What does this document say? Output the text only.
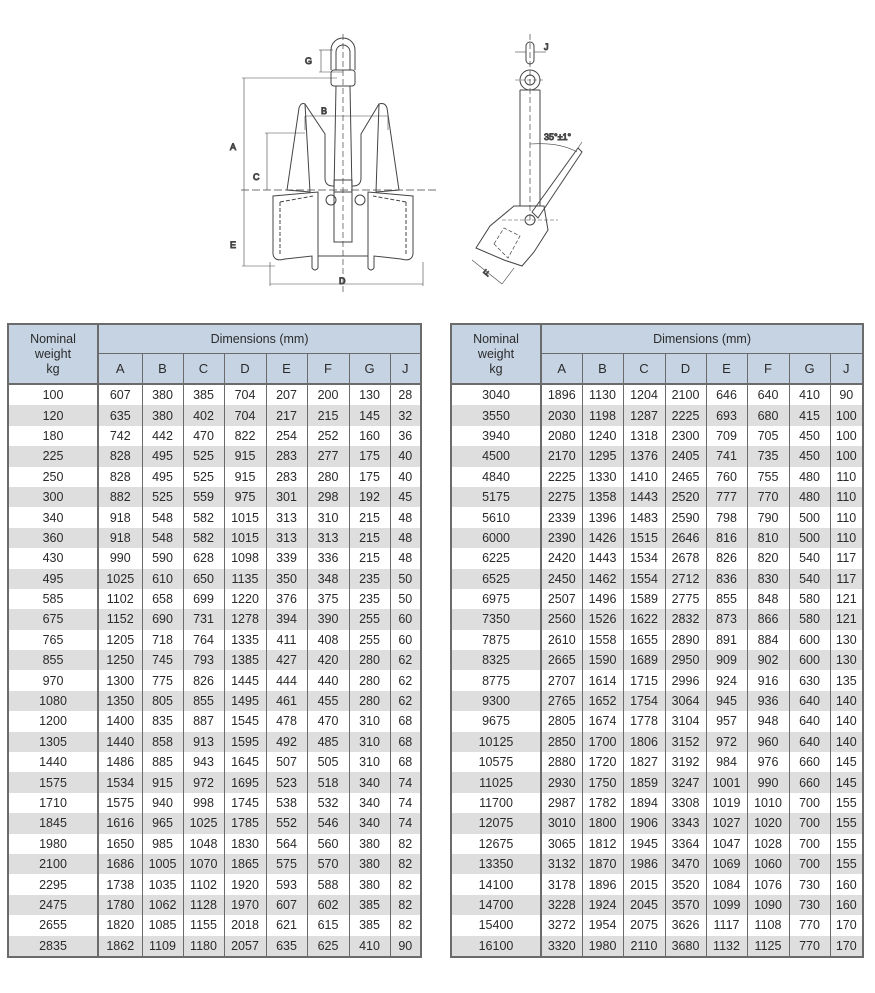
G
A
B
C
E
D
J
F
35°±1°
Nominal
weight
kg	Dimensions (mm)							
	A	B	C	D	E	F	G	J
100	607	380	385	704	207	200	130	28
120	635	380	402	704	217	215	145	32
180	742	442	470	822	254	252	160	36
225	828	495	525	915	283	277	175	40
250	828	495	525	915	283	280	175	40
300	882	525	559	975	301	298	192	45
340	918	548	582	1015	313	310	215	48
360	918	548	582	1015	313	313	215	48
430	990	590	628	1098	339	336	215	48
495	1025	610	650	1135	350	348	235	50
585	1102	658	699	1220	376	375	235	50
675	1152	690	731	1278	394	390	255	60
765	1205	718	764	1335	411	408	255	60
855	1250	745	793	1385	427	420	280	62
970	1300	775	826	1445	444	440	280	62
1080	1350	805	855	1495	461	455	280	62
1200	1400	835	887	1545	478	470	310	68
1305	1440	858	913	1595	492	485	310	68
1440	1486	885	943	1645	507	505	310	68
1575	1534	915	972	1695	523	518	340	74
1710	1575	940	998	1745	538	532	340	74
1845	1616	965	1025	1785	552	546	340	74
1980	1650	985	1048	1830	564	560	380	82
2100	1686	1005	1070	1865	575	570	380	82
2295	1738	1035	1102	1920	593	588	380	82
2475	1780	1062	1128	1970	607	602	385	82
2655	1820	1085	1155	2018	621	615	385	82
2835	1862	1109	1180	2057	635	625	410	90
Nominal
weight
kg	Dimensions (mm)							
	A	B	C	D	E	F	G	J
3040	1896	1130	1204	2100	646	640	410	90
3550	2030	1198	1287	2225	693	680	415	100
3940	2080	1240	1318	2300	709	705	450	100
4500	2170	1295	1376	2405	741	735	450	100
4840	2225	1330	1410	2465	760	755	480	110
5175	2275	1358	1443	2520	777	770	480	110
5610	2339	1396	1483	2590	798	790	500	110
6000	2390	1426	1515	2646	816	810	500	110
6225	2420	1443	1534	2678	826	820	540	117
6525	2450	1462	1554	2712	836	830	540	117
6975	2507	1496	1589	2775	855	848	580	121
7350	2560	1526	1622	2832	873	866	580	121
7875	2610	1558	1655	2890	891	884	600	130
8325	2665	1590	1689	2950	909	902	600	130
8775	2707	1614	1715	2996	924	916	630	135
9300	2765	1652	1754	3064	945	936	640	140
9675	2805	1674	1778	3104	957	948	640	140
10125	2850	1700	1806	3152	972	960	640	140
10575	2880	1720	1827	3192	984	976	660	145
11025	2930	1750	1859	3247	1001	990	660	145
11700	2987	1782	1894	3308	1019	1010	700	155
12075	3010	1800	1906	3343	1027	1020	700	155
12675	3065	1812	1945	3364	1047	1028	700	155
13350	3132	1870	1986	3470	1069	1060	700	155
14100	3178	1896	2015	3520	1084	1076	730	160
14700	3228	1924	2045	3570	1099	1090	730	160
15400	3272	1954	2075	3626	1117	1108	770	170
16100	3320	1980	2110	3680	1132	1125	770	170
